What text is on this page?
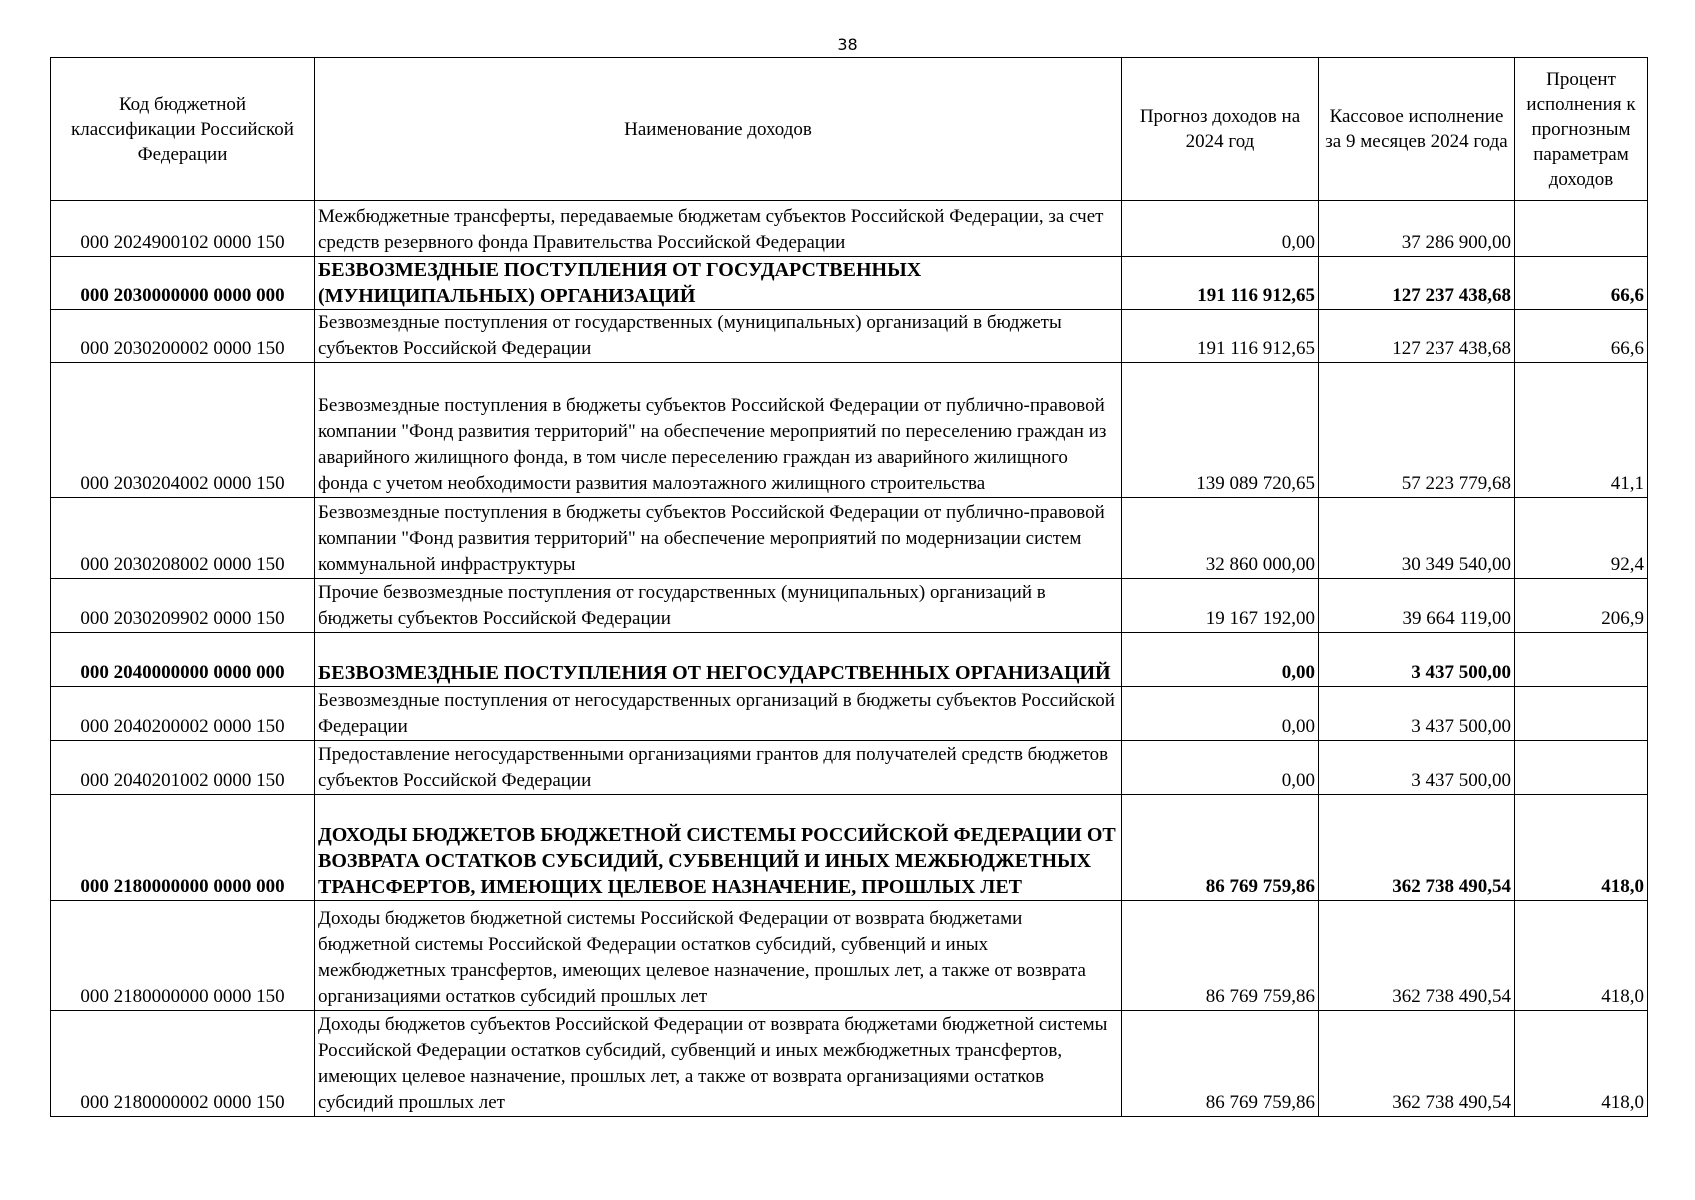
38
Код бюджетной классификации Российской Федерации	Наименование доходов	Прогноз доходов на 2024 год	Кассовое исполнение за 9 месяцев 2024 года	Процент исполнения к прогнозным параметрам доходов
000 2024900102 0000 150	Межбюджетные трансферты, передаваемые бюджетам субъектов Российской Федерации, за счет средств резервного фонда Правительства Российской Федерации	0,00	37 286 900,00	
000 2030000000 0000 000	БЕЗВОЗМЕЗДНЫЕ ПОСТУПЛЕНИЯ ОТ ГОСУДАРСТВЕННЫХ (МУНИЦИПАЛЬНЫХ) ОРГАНИЗАЦИЙ	191 116 912,65	127 237 438,68	66,6
000 2030200002 0000 150	Безвозмездные поступления от государственных (муниципальных) организаций в бюджеты субъектов Российской Федерации	191 116 912,65	127 237 438,68	66,6
000 2030204002 0000 150	Безвозмездные поступления в бюджеты субъектов Российской Федерации от публично-правовой компании "Фонд развития территорий" на обеспечение мероприятий по переселению граждан из аварийного жилищного фонда, в том числе переселению граждан из аварийного жилищного фонда с учетом необходимости развития малоэтажного жилищного строительства	139 089 720,65	57 223 779,68	41,1
000 2030208002 0000 150	Безвозмездные поступления в бюджеты субъектов Российской Федерации от публично-правовой компании "Фонд развития территорий" на обеспечение мероприятий по модернизации систем коммунальной инфраструктуры	32 860 000,00	30 349 540,00	92,4
000 2030209902 0000 150	Прочие безвозмездные поступления от государственных (муниципальных) организаций в бюджеты субъектов Российской Федерации	19 167 192,00	39 664 119,00	206,9
000 2040000000 0000 000	БЕЗВОЗМЕЗДНЫЕ ПОСТУПЛЕНИЯ ОТ НЕГОСУДАРСТВЕННЫХ ОРГАНИЗАЦИЙ	0,00	3 437 500,00	
000 2040200002 0000 150	Безвозмездные поступления от негосударственных организаций в бюджеты субъектов Российской Федерации	0,00	3 437 500,00	
000 2040201002 0000 150	Предоставление негосударственными организациями грантов для получателей средств бюджетов субъектов Российской Федерации	0,00	3 437 500,00	
000 2180000000 0000 000	ДОХОДЫ БЮДЖЕТОВ БЮДЖЕТНОЙ СИСТЕМЫ РОССИЙСКОЙ ФЕДЕРАЦИИ ОТ ВОЗВРАТА ОСТАТКОВ СУБСИДИЙ, СУБВЕНЦИЙ И ИНЫХ МЕЖБЮДЖЕТНЫХ ТРАНСФЕРТОВ, ИМЕЮЩИХ ЦЕЛЕВОЕ НАЗНАЧЕНИЕ, ПРОШЛЫХ ЛЕТ	86 769 759,86	362 738 490,54	418,0
000 2180000000 0000 150	Доходы бюджетов бюджетной системы Российской Федерации от возврата бюджетами бюджетной системы Российской Федерации остатков субсидий, субвенций и иных межбюджетных трансфертов, имеющих целевое назначение, прошлых лет, а также от возврата организациями остатков субсидий прошлых лет	86 769 759,86	362 738 490,54	418,0
000 2180000002 0000 150	Доходы бюджетов субъектов Российской Федерации от возврата бюджетами бюджетной системы Российской Федерации остатков субсидий, субвенций и иных межбюджетных трансфертов, имеющих целевое назначение, прошлых лет, а также от возврата организациями остатков субсидий прошлых лет	86 769 759,86	362 738 490,54	418,0
